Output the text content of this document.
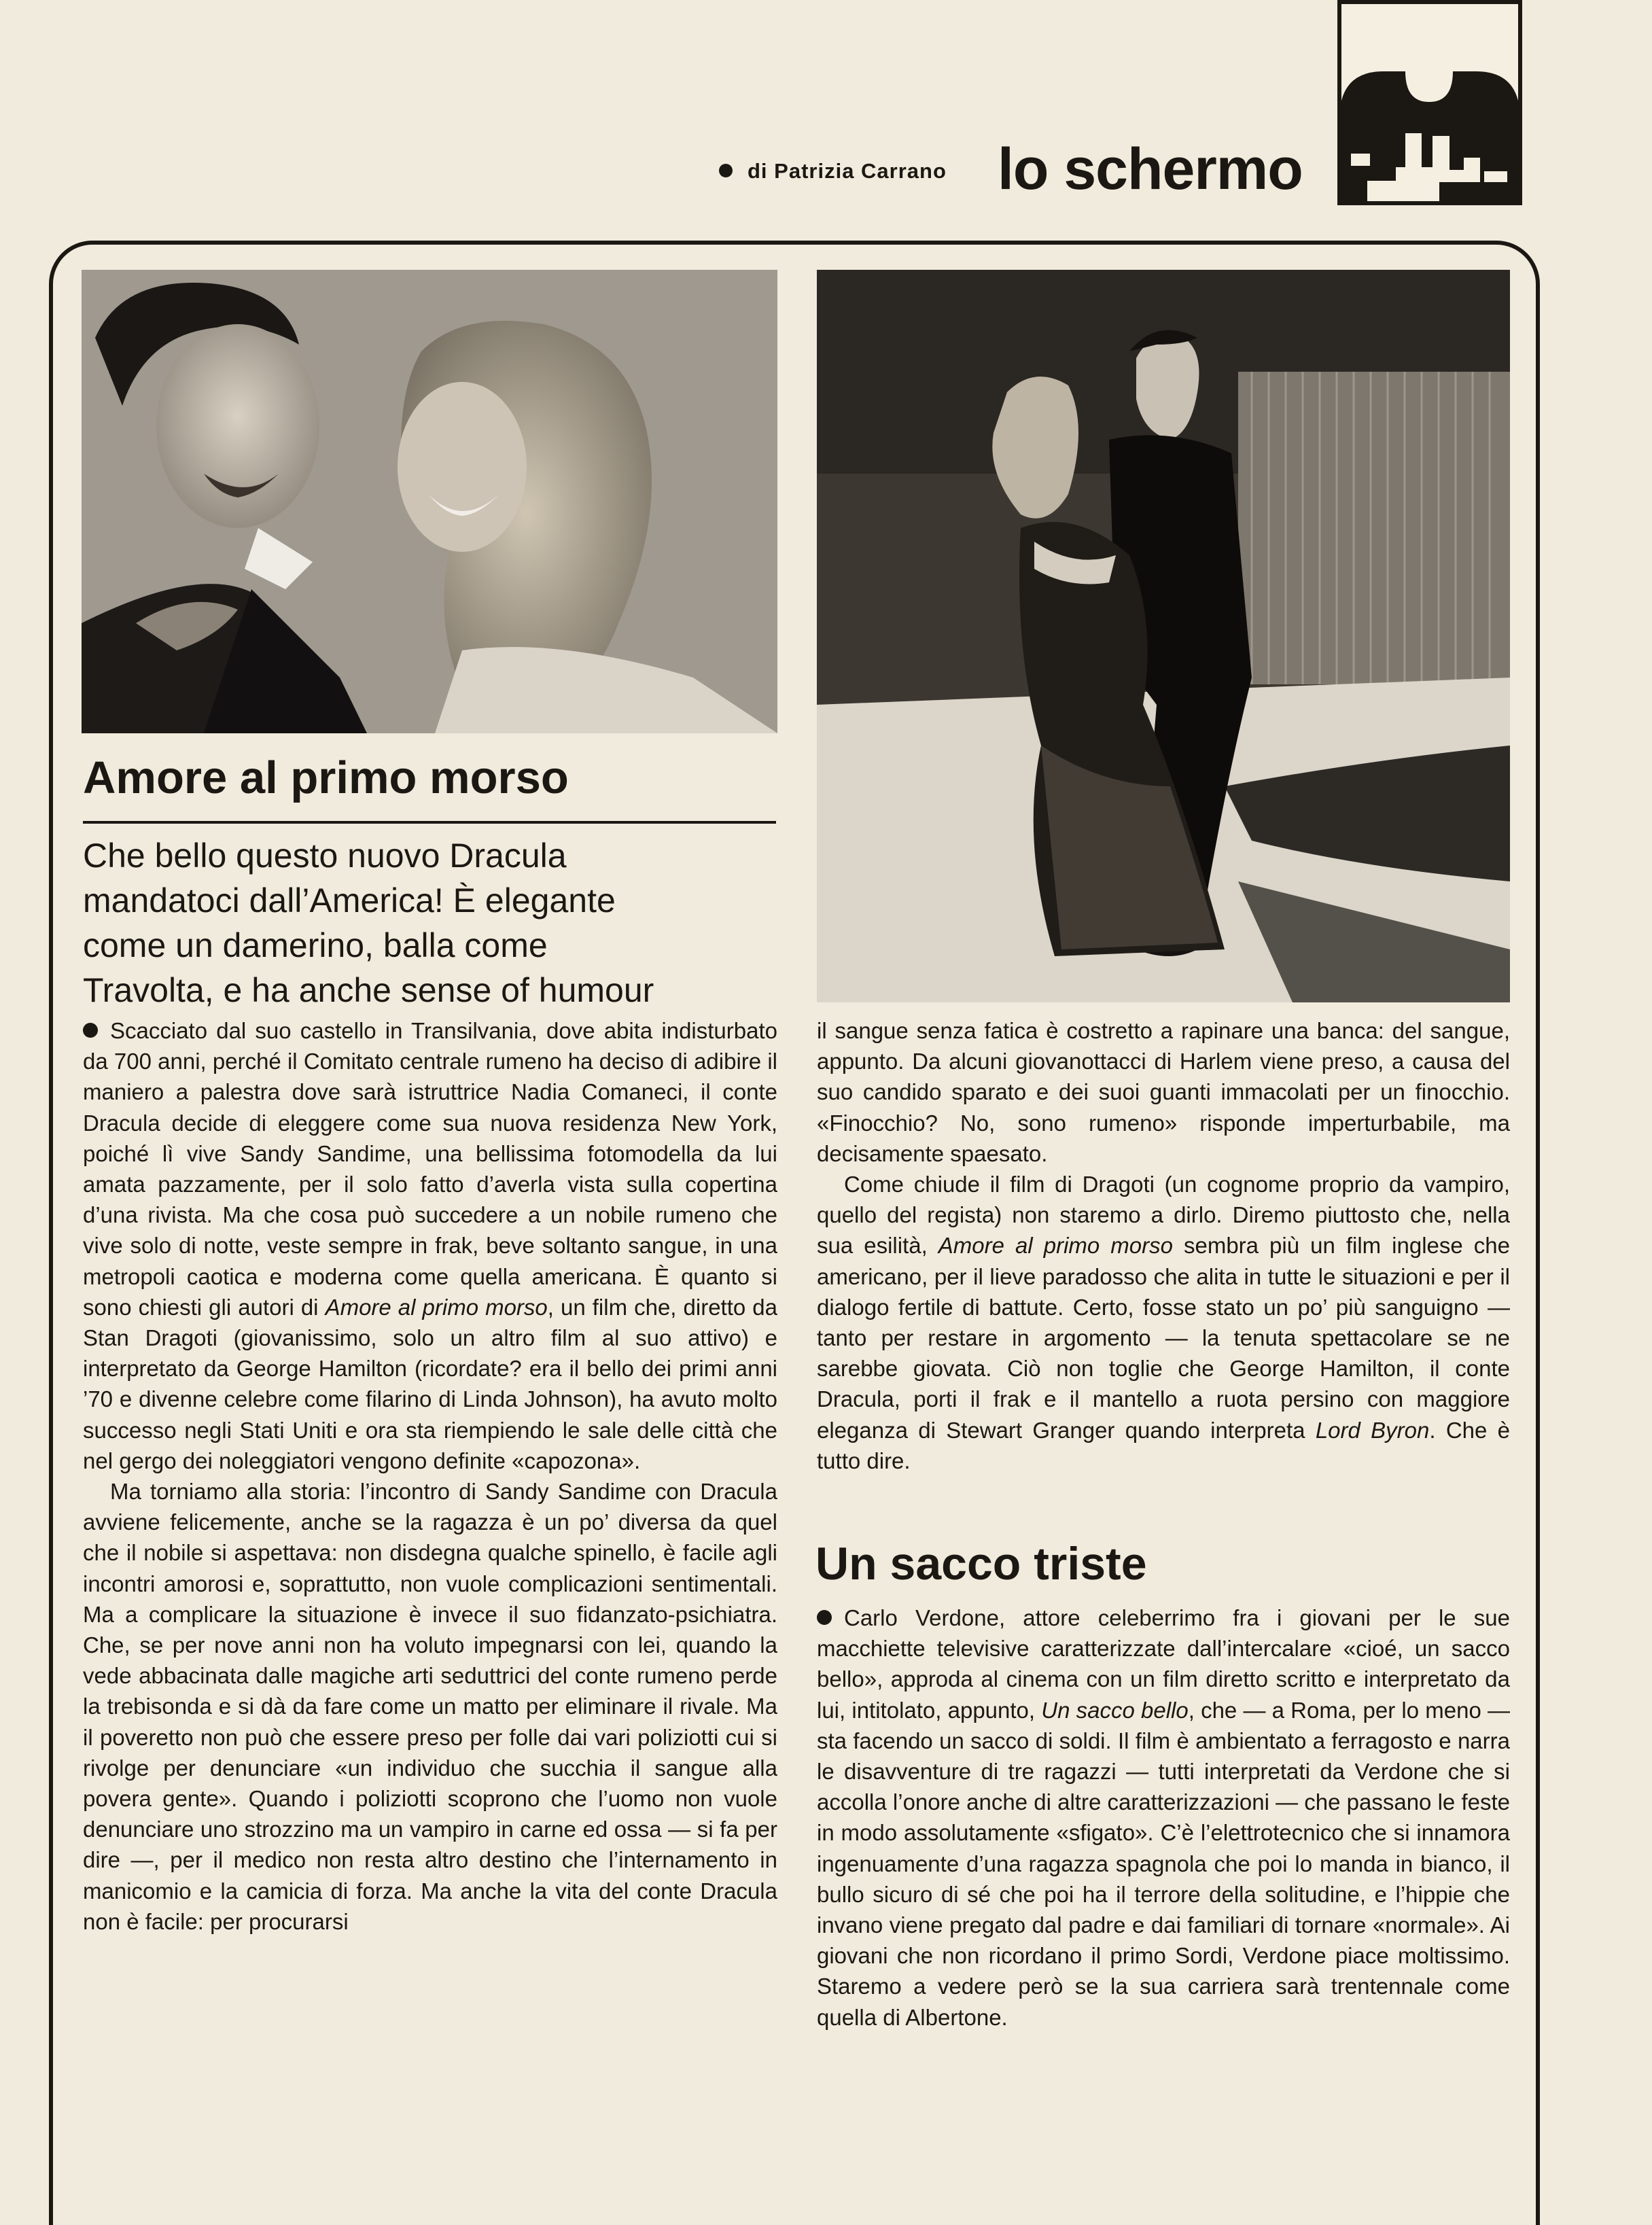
di Patrizia Carrano lo schermo
Amore al primo morso
Che bello questo nuovo Dracula
mandatoci dall’America! È elegante
come un damerino, balla come
Travolta, e ha anche sense of humour

Scacciato dal suo castello in Transilvania, dove abita indisturbato da 700 anni, perché il Comitato centrale rumeno ha deciso di adibire il maniero a palestra dove sarà istruttrice Nadia Comaneci, il conte Dracula decide di eleggere come sua nuova residenza New York, poiché lì vive Sandy Sandime, una bellissima fotomodella da lui amata pazzamente, per il solo fatto d’averla vista sulla copertina d’una rivista. Ma che cosa può succedere a un nobile rumeno che vive solo di notte, veste sempre in frak, beve soltanto sangue, in una metropoli caotica e moderna come quella americana. È quanto si sono chiesti gli autori di Amore al primo morso, un film che, diretto da Stan Dragoti (giovanissimo, solo un altro film al suo attivo) e interpretato da George Hamilton (ricordate? era il bello dei primi anni ’70 e divenne celebre come filarino di Linda Johnson), ha avuto molto successo negli Stati Uniti e ora sta riempiendo le sale delle città che nel gergo dei noleggiatori vengono definite «capozona».

Ma torniamo alla storia: l’incontro di Sandy Sandime con Dracula avviene felicemente, anche se la ragazza è un po’ diversa da quel che il nobile si aspettava: non disdegna qualche spinello, è facile agli incontri amorosi e, soprattutto, non vuole complicazioni sentimentali. Ma a complicare la situazione è invece il suo fidanzato-psichiatra. Che, se per nove anni non ha voluto impegnarsi con lei, quando la vede abbacinata dalle magiche arti seduttrici del conte rumeno perde la trebisonda e si dà da fare come un matto per eliminare il rivale. Ma il poveretto non può che essere preso per folle dai vari poliziotti cui si rivolge per denunciare «un individuo che succhia il sangue alla povera gente». Quando i poliziotti scoprono che l’uomo non vuole denunciare uno strozzino ma un vampiro in carne ed ossa — si fa per dire —, per il medico non resta altro destino che l’internamento in manicomio e la camicia di forza. Ma anche la vita del conte Dracula non è facile: per procurarsi

il sangue senza fatica è costretto a rapinare una banca: del sangue, appunto. Da alcuni giovanottacci di Harlem viene preso, a causa del suo candido sparato e dei suoi guanti immacolati per un finocchio. «Finocchio? No, sono rumeno» risponde imperturbabile, ma decisamente spaesato.

Come chiude il film di Dragoti (un cognome proprio da vampiro, quello del regista) non staremo a dirlo. Diremo piuttosto che, nella sua esilità, Amore al primo morso sembra più un film inglese che americano, per il lieve paradosso che alita in tutte le situazioni e per il dialogo fertile di battute. Certo, fosse stato un po’ più sanguigno — tanto per restare in argomento — la tenuta spettacolare se ne sarebbe giovata. Ciò non toglie che George Hamilton, il conte Dracula, porti il frak e il mantello a ruota persino con maggiore eleganza di Stewart Granger quando interpreta Lord Byron. Che è tutto dire.

Un sacco triste

Carlo Verdone, attore celeberrimo fra i giovani per le sue macchiette televisive caratterizzate dall’intercalare «cioé, un sacco bello», approda al cinema con un film diretto scritto e interpretato da lui, intitolato, appunto, Un sacco bello, che — a Roma, per lo meno — sta facendo un sacco di soldi. Il film è ambientato a ferragosto e narra le disavventure di tre ragazzi — tutti interpretati da Verdone che si accolla l’onore anche di altre caratterizzazioni — che passano le feste in modo assolutamente «sfigato». C’è l’elettrotecnico che si innamora ingenuamente d’una ragazza spagnola che poi lo manda in bianco, il bullo sicuro di sé che poi ha il terrore della solitudine, e l’hippie che invano viene pregato dal padre e dai familiari di tornare «normale». Ai giovani che non ricordano il primo Sordi, Verdone piace moltissimo. Staremo a vedere però se la sua carriera sarà trentennale come quella di Albertone.
